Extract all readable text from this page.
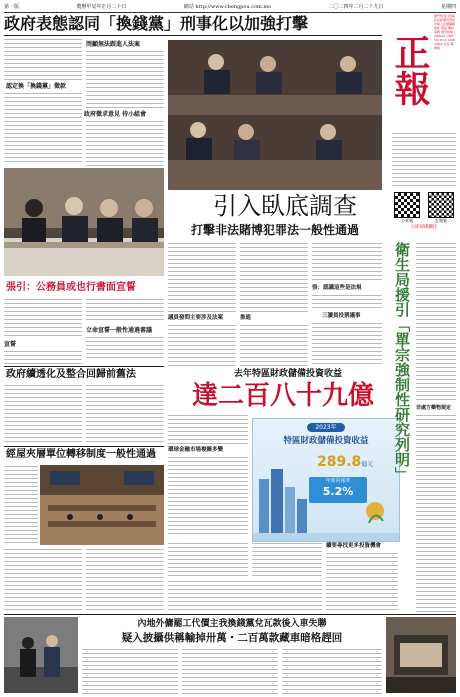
第一版	農曆甲辰年正月二十日	網站 http://www.chengpou.com.mo	二〇二四年二月二十九日	星期四
政府表態認同「換錢黨」刑事化以加強打擊
認定換「換錢黨」徵款
政府徵求意見 待小組會
罔顧無法跟進人法案
張引：公務員或也行書面宣誓
立命宣誓一般性通過審議
宣誓
政府續透化及整合回歸前舊法
經屋夾層單位轉移制度一般性通過
引入臥底調查
打擊非法賭博犯罪法一般性通過
張：認識這些是法規
議員發問主要涉及法案	推進	三讀員投票議事
去年特區財政儲備投資收益
達二百八十九億
環球金融市場複雜多變
2023年
特區財政儲備投資收益
289.8億元
年度回報率
5.2%
續要尋找更多投資機會
正報
澳門特別行政區政府新聞局登記 出版人及總編輯 地址 電話 傳真 電郵 廣告熱線 JORNAL CHENG POU LIMITADA 社長 鄭曉明
公眾號	訂閱號
立即掃碼關注
衛生局援引「單宗強制性研究列明」 非處方藥物規定
內地外傭罷工代價主我換錢黨兌瓦款後入車失聯
疑入披攝供稱輸掉卅萬・二百萬款藏車暗格趕回
